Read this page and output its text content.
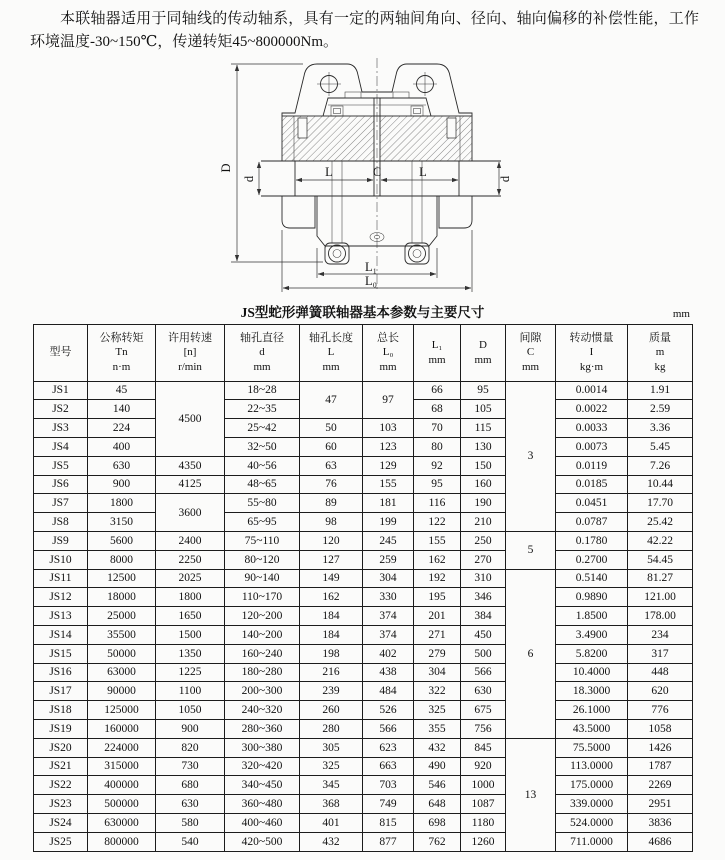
本联轴器适用于同轴线的传动轴系，具有一定的两轴间角向、径向、轴向偏移的补偿性能，工作环境温度-30~150℃，传递转矩45~800000Nm。

D
d	d
L	C	L
L₁
L₀
JS型蛇形弹簧联轴器基本参数与主要尺寸	mm
型号

公称转矩
Tn
n·m

许用转速
[n]
r/min

轴孔直径
d
mm

轴孔长度
L
mm

总长
L₀
mm

L₁
mm

D
mm

间隙
C
mm

转动惯量
I
kg·m

质量
m
kg

JS1	45	4500	18~28	47	97	66	95	3	0.0014	1.91
JS2	140		22~35			68	105		0.0022	2.59
JS3	224		25~42	50	103	70	115		0.0033	3.36
JS4	400		32~50	60	123	80	130		0.0073	5.45
JS5	630	4350	40~56	63	129	92	150		0.0119	7.26
JS6	900	4125	48~65	76	155	95	160		0.0185	10.44
JS7	1800	3600	55~80	89	181	116	190		0.0451	17.70
JS8	3150		65~95	98	199	122	210		0.0787	25.42
JS9	5600	2400	75~110	120	245	155	250	5	0.1780	42.22
JS10	8000	2250	80~120	127	259	162	270		0.2700	54.45
JS11	12500	2025	90~140	149	304	192	310	6	0.5140	81.27
JS12	18000	1800	110~170	162	330	195	346		0.9890	121.00
JS13	25000	1650	120~200	184	374	201	384		1.8500	178.00
JS14	35500	1500	140~200	184	374	271	450		3.4900	234
JS15	50000	1350	160~240	198	402	279	500		5.8200	317
JS16	63000	1225	180~280	216	438	304	566		10.4000	448
JS17	90000	1100	200~300	239	484	322	630		18.3000	620
JS18	125000	1050	240~320	260	526	325	675		26.1000	776
JS19	160000	900	280~360	280	566	355	756		43.5000	1058
JS20	224000	820	300~380	305	623	432	845	13	75.5000	1426
JS21	315000	730	320~420	325	663	490	920		113.0000	1787
JS22	400000	680	340~450	345	703	546	1000		175.0000	2269
JS23	500000	630	360~480	368	749	648	1087		339.0000	2951
JS24	630000	580	400~460	401	815	698	1180		524.0000	3836
JS25	800000	540	420~500	432	877	762	1260		711.0000	4686
